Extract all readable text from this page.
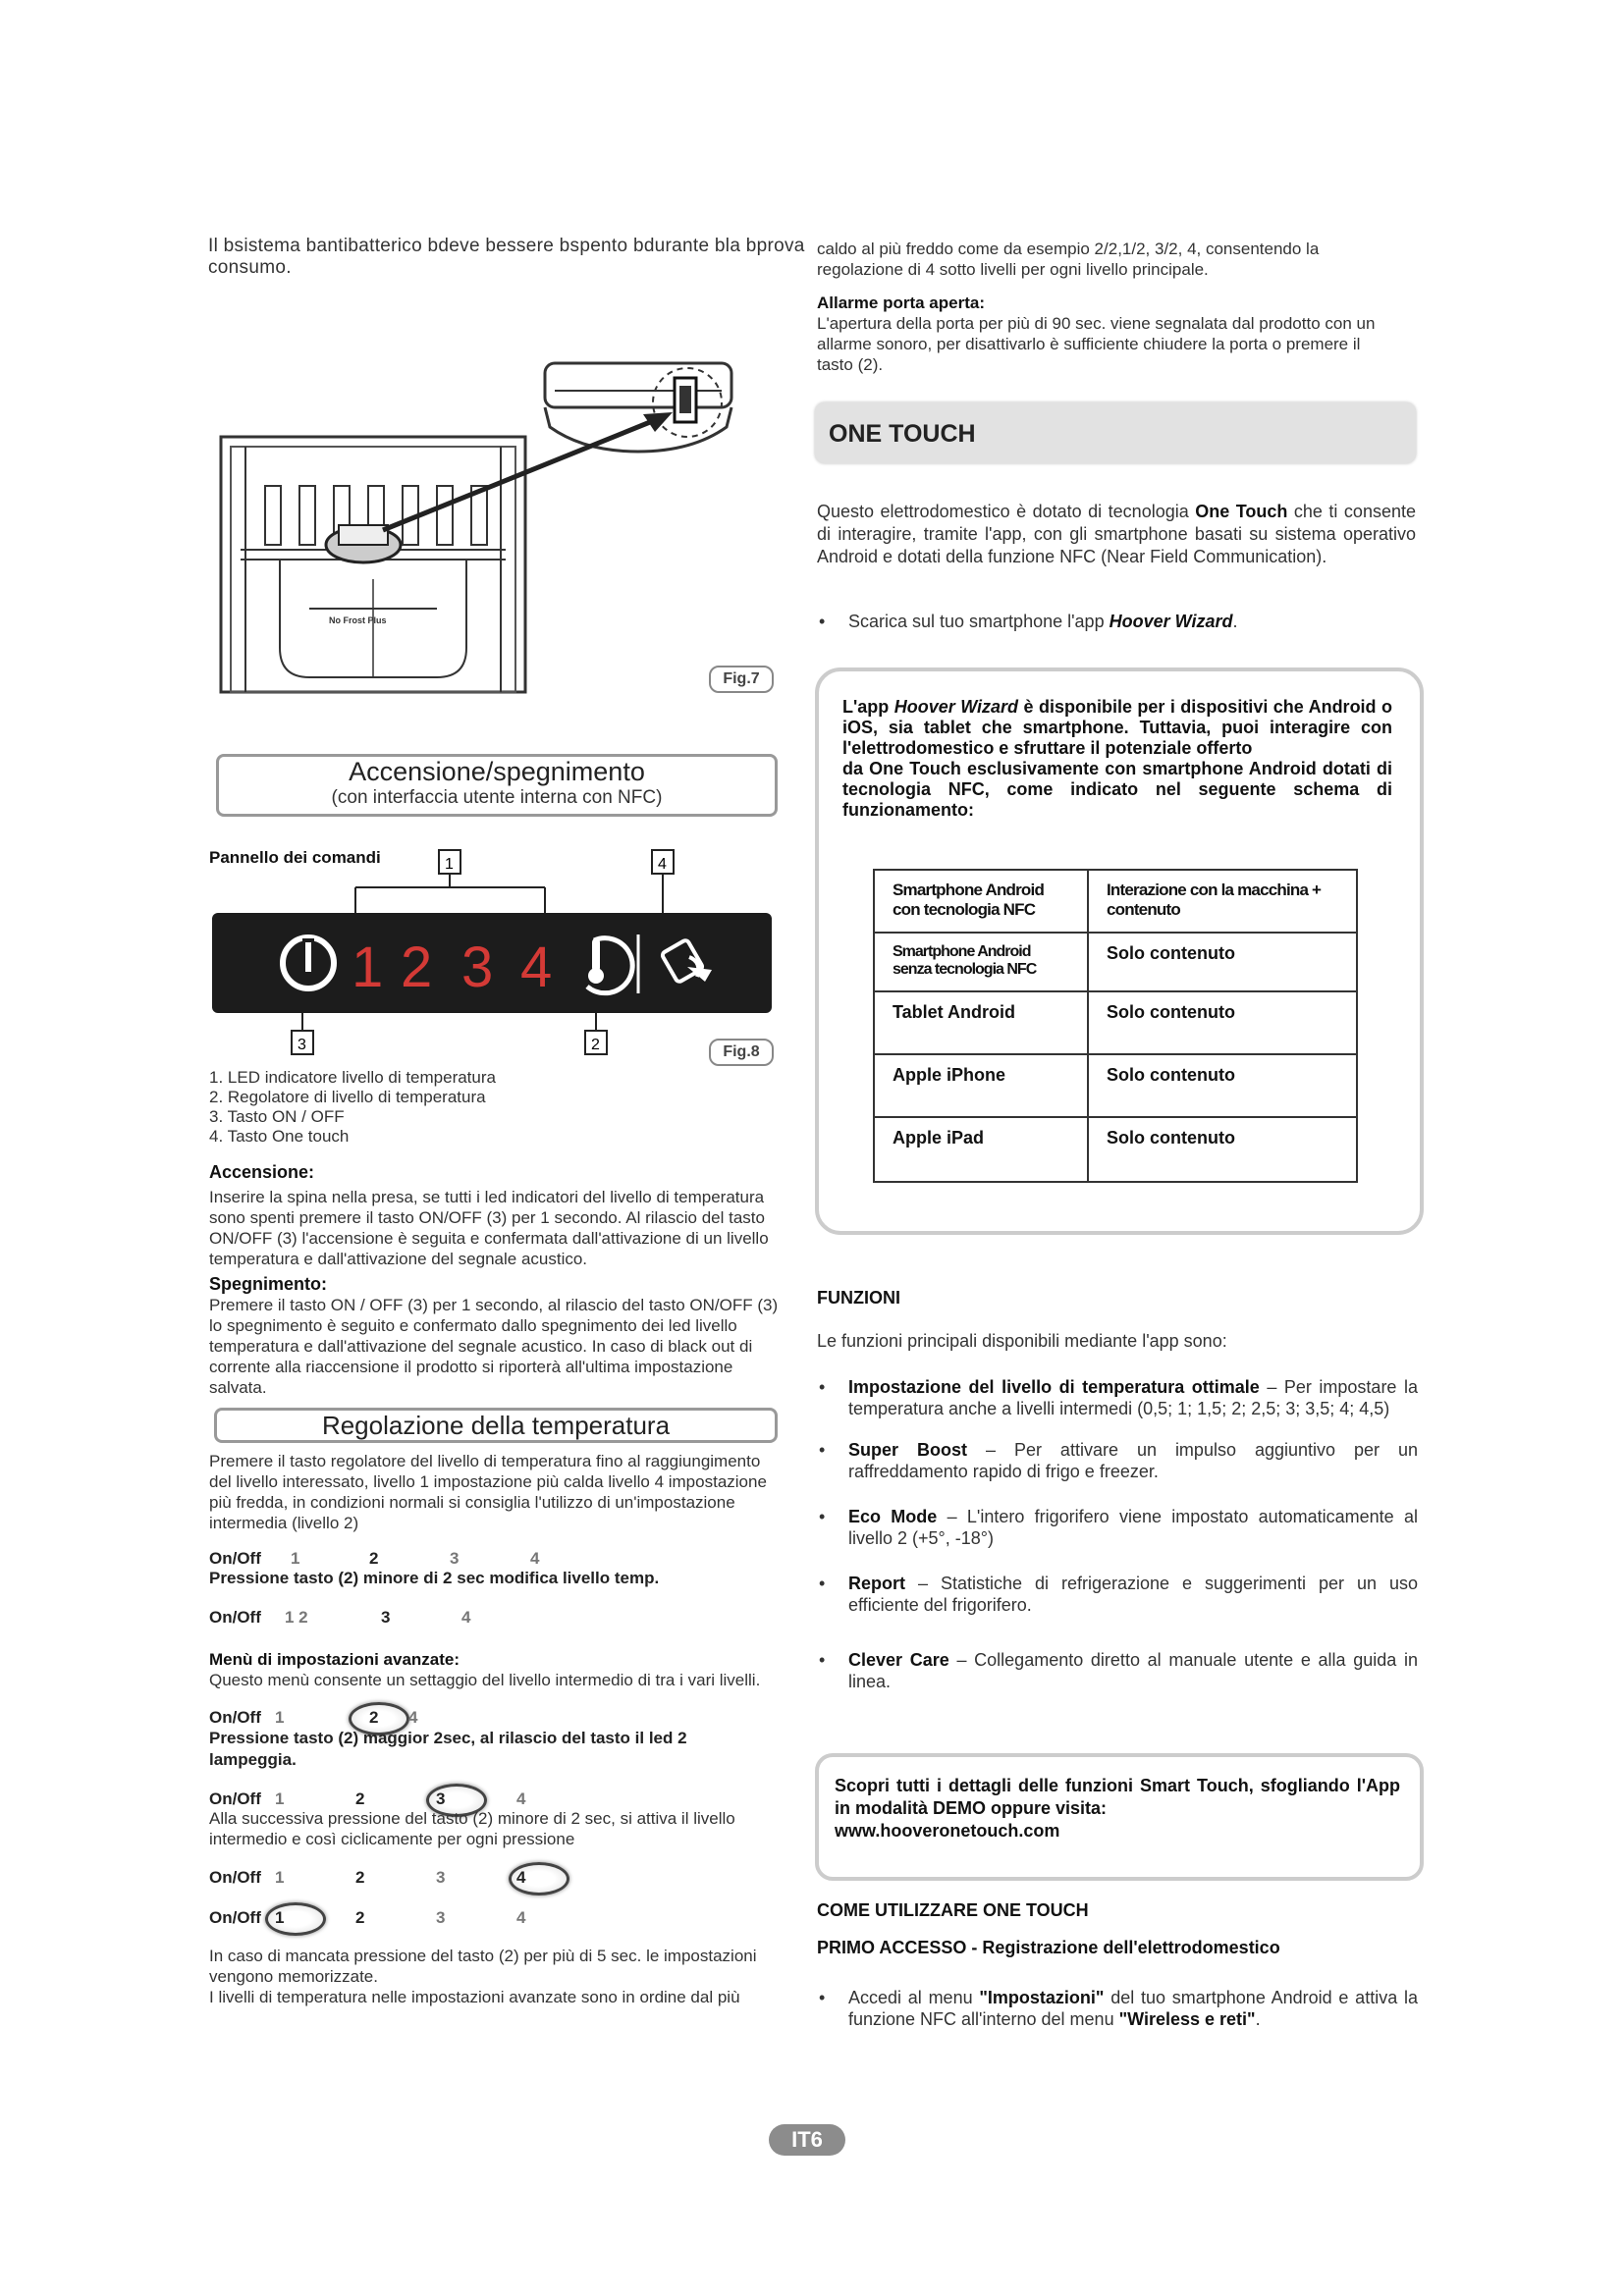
Il bsistema bantibatterico bdeve bessere bspento bdurante bla bprova
consumo.
caldo al più freddo come da esempio 2/2,1/2, 3/2, 4, consentendo la
regolazione di 4 sotto livelli per ogni livello principale.
Allarme porta aperta:
L'apertura della porta per più di 90 sec. viene segnalata dal prodotto con un allarme sonoro, per disattivarlo è sufficiente chiudere la porta o premere il tasto (2).
No Frost Plus
Fig.7
ONE TOUCH
Questo elettrodomestico è dotato di tecnologia One Touch che ti consente di interagire, tramite l'app, con gli smartphone basati su sistema operativo Android e dotati della funzione NFC (Near Field Communication).
• Scarica sul tuo smartphone l'app Hoover Wizard.
L'app Hoover Wizard è disponibile per i dispositivi che Android o iOS, sia tablet che smartphone. Tuttavia, puoi interagire con l'elettrodomestico e sfruttare il potenziale offerto
da One Touch esclusivamente con smartphone Android dotati di tecnologia NFC, come indicato nel seguente schema di funzionamento:
Smartphone Android con tecnologia NFC	Interazione con la macchina + contenuto
Smartphone Android senza tecnologia NFC	Solo contenuto
Tablet Android	Solo contenuto
Apple iPhone	Solo contenuto
Apple iPad	Solo contenuto
Accensione/spegnimento
(con interfaccia utente interna con NFC)
Pannello dei comandi	1	4
1 2 3 4
3	2	Fig.8
1. LED indicatore livello di temperatura
2. Regolatore di livello di temperatura
3. Tasto ON / OFF
4. Tasto One touch
Accensione:
Inserire la spina nella presa, se tutti i led indicatori del livello di temperatura sono spenti premere il tasto ON/OFF (3) per 1 secondo. Al rilascio del tasto ON/OFF (3) l'accensione è seguita e confermata dall'attivazione di un livello temperatura e dall'attivazione del segnale acustico.
Spegnimento:
Premere il tasto ON / OFF (3) per 1 secondo, al rilascio del tasto ON/OFF (3) lo spegnimento è seguito e confermato dallo spegnimento dei led livello temperatura e dall'attivazione del segnale acustico. In caso di black out di corrente alla riaccensione il prodotto si riporterà all'ultima impostazione salvata.
Regolazione della temperatura
Premere il tasto regolatore del livello di temperatura fino al raggiungimento del livello interessato, livello 1 impostazione più calda livello 4 impostazione più fredda, in condizioni normali si consiglia l'utilizzo di un'impostazione intermedia (livello 2)
On/Off 1	2	3	4
Pressione tasto (2) minore di 2 sec modifica livello temp.
On/Off 1 2	3	4
Menù di impostazioni avanzate:
Questo menù consente un settaggio del livello intermedio di tra i vari livelli.
On/Off 1	2 4
Pressione tasto (2) maggior 2sec, al rilascio del tasto il led 2 lampeggia.
On/Off 1	2	3	4
Alla successiva pressione del tasto (2) minore di 2 sec, si attiva il livello intermedio e così ciclicamente per ogni pressione
On/Off 1	2	3	4
On/Off 1	2	3	4
In caso di mancata pressione del tasto (2) per più di 5 sec. le impostazioni vengono memorizzate.
I livelli di temperatura nelle impostazioni avanzate sono in ordine dal più
FUNZIONI
Le funzioni principali disponibili mediante l'app sono:
• Impostazione del livello di temperatura ottimale – Per impostare la temperatura anche a livelli intermedi (0,5; 1; 1,5; 2; 2,5; 3; 3,5; 4; 4,5)
• Super Boost – Per attivare un impulso aggiuntivo per un raffreddamento rapido di frigo e freezer.
• Eco Mode – L'intero frigorifero viene impostato automaticamente al livello 2 (+5°, -18°)
• Report – Statistiche di refrigerazione e suggerimenti per un uso efficiente del frigorifero.
• Clever Care – Collegamento diretto al manuale utente e alla guida in linea.
Scopri tutti i dettagli delle funzioni Smart Touch, sfogliando l'App in modalità DEMO oppure visita:
www.hooveronetouch.com
COME UTILIZZARE ONE TOUCH
PRIMO ACCESSO - Registrazione dell'elettrodomestico
• Accedi al menu "Impostazioni" del tuo smartphone Android e attiva la funzione NFC all'interno del menu "Wireless e reti".
IT6
